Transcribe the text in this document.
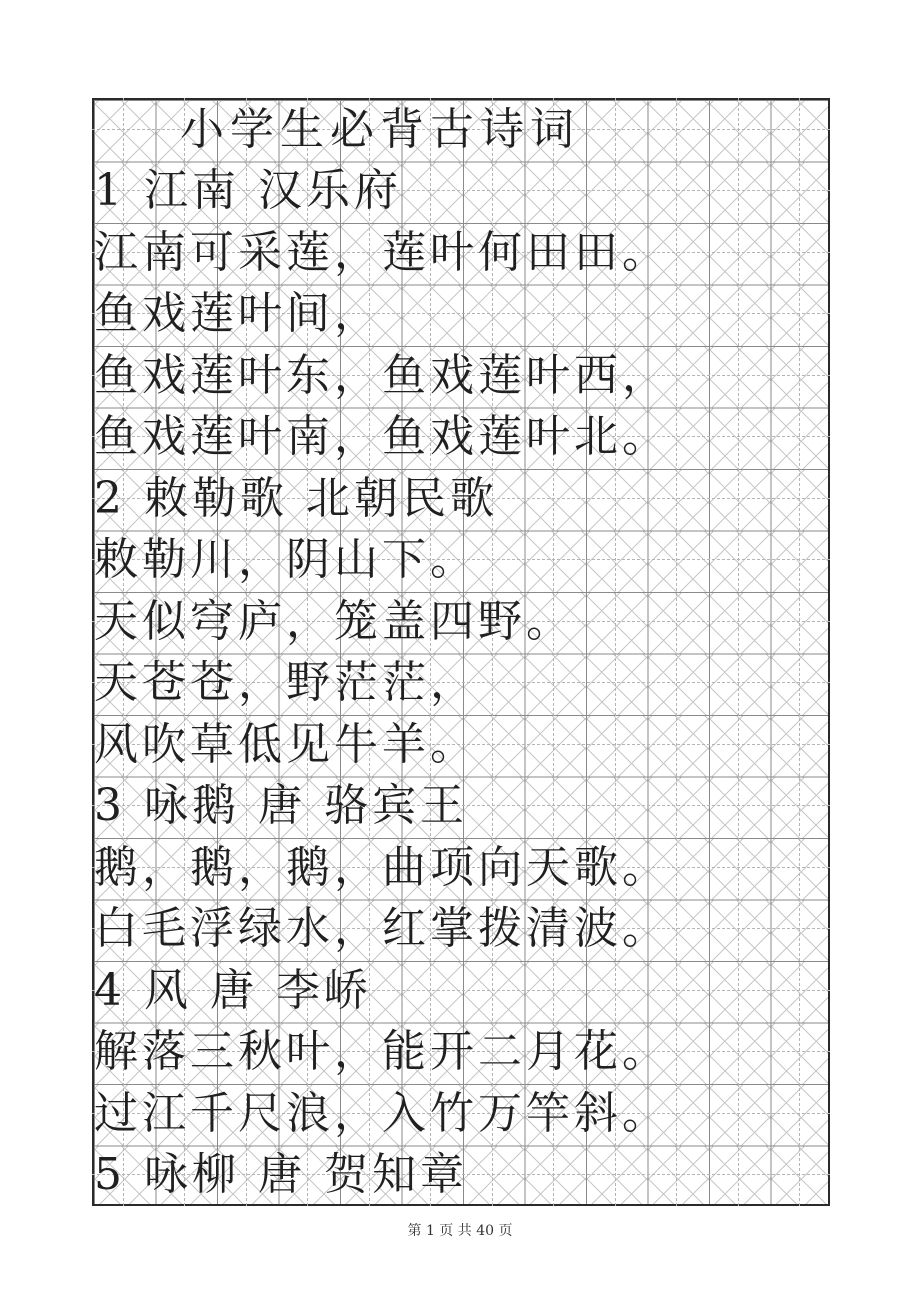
小学生必背古诗词
1 江南 汉乐府
江南可采莲，莲叶何田田。
鱼戏莲叶间，
鱼戏莲叶东，鱼戏莲叶西，
鱼戏莲叶南，鱼戏莲叶北。
2 敕勒歌 北朝民歌
敕勒川，阴山下。
天似穹庐，笼盖四野。
天苍苍，野茫茫，
风吹草低见牛羊。
3 咏鹅 唐 骆宾王
鹅，鹅，鹅，曲项向天歌。
白毛浮绿水，红掌拨清波。
4 风 唐 李峤
解落三秋叶，能开二月花。
过江千尺浪，入竹万竿斜。
5 咏柳 唐 贺知章
第 1 页 共 40 页
